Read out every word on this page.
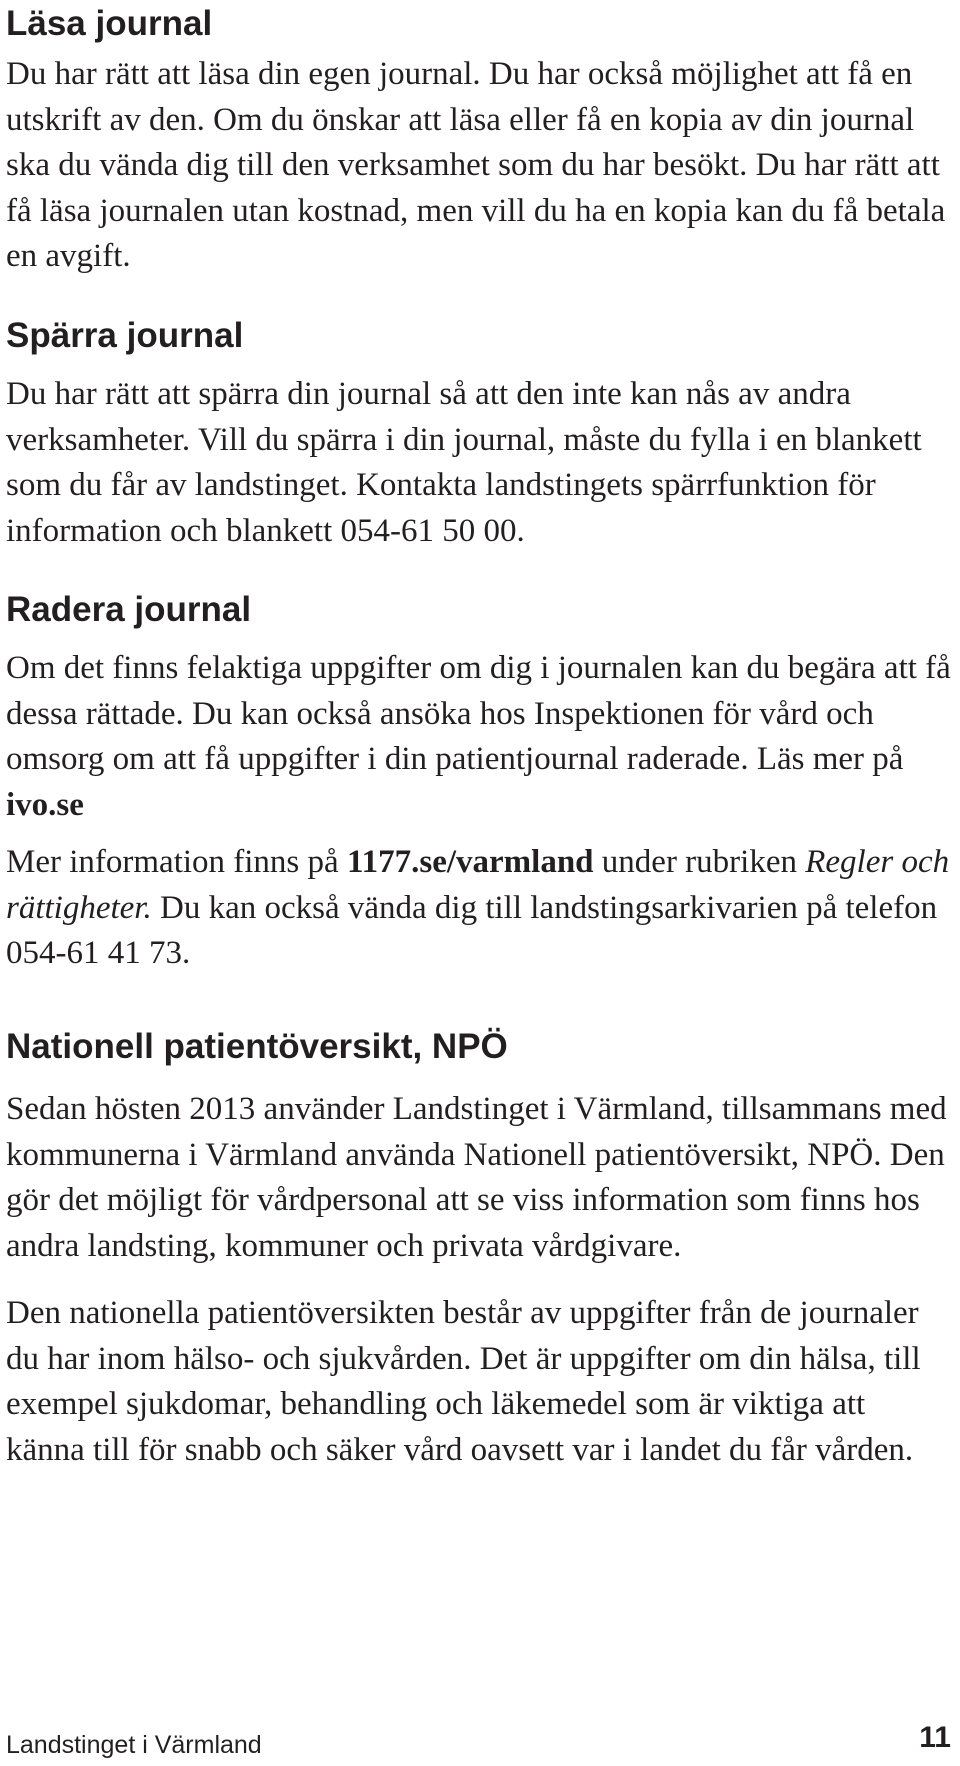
Läsa journal

Du har rätt att läsa din egen journal. Du har också möjlighet att få en utskrift av den. Om du önskar att läsa eller få en kopia av din journal ska du vända dig till den verksamhet som du har besökt. Du har rätt att få läsa journalen utan kostnad, men vill du ha en kopia kan du få betala en avgift.

Spärra journal

Du har rätt att spärra din journal så att den inte kan nås av andra verksamheter. Vill du spärra i din journal, måste du fylla i en blankett som du får av landstinget. Kontakta landstingets spärrfunktion för information och blankett 054-61 50 00.

Radera journal

Om det finns felaktiga uppgifter om dig i journalen kan du begära att få dessa rättade. Du kan också ansöka hos Inspektionen för vård och omsorg om att få uppgifter i din patientjournal raderade. Läs mer på ivo.se

Mer information finns på 1177.se/varmland under rubriken Regler och rättigheter. Du kan också vända dig till landstingsarkivarien på telefon 054-61 41 73.

Nationell patientöversikt, NPÖ

Sedan hösten 2013 använder Landstinget i Värmland, tillsammans med kommunerna i Värmland använda Nationell patientöversikt, NPÖ. Den gör det möjligt för vårdpersonal att se viss information som finns hos andra landsting, kommuner och privata vårdgivare.

Den nationella patientöversikten består av uppgifter från de journaler du har inom hälso- och sjukvården. Det är uppgifter om din hälsa, till exempel sjukdomar, behandling och läkemedel som är viktiga att känna till för snabb och säker vård oavsett var i landet du får vården.

Landstinget i Värmland	11
